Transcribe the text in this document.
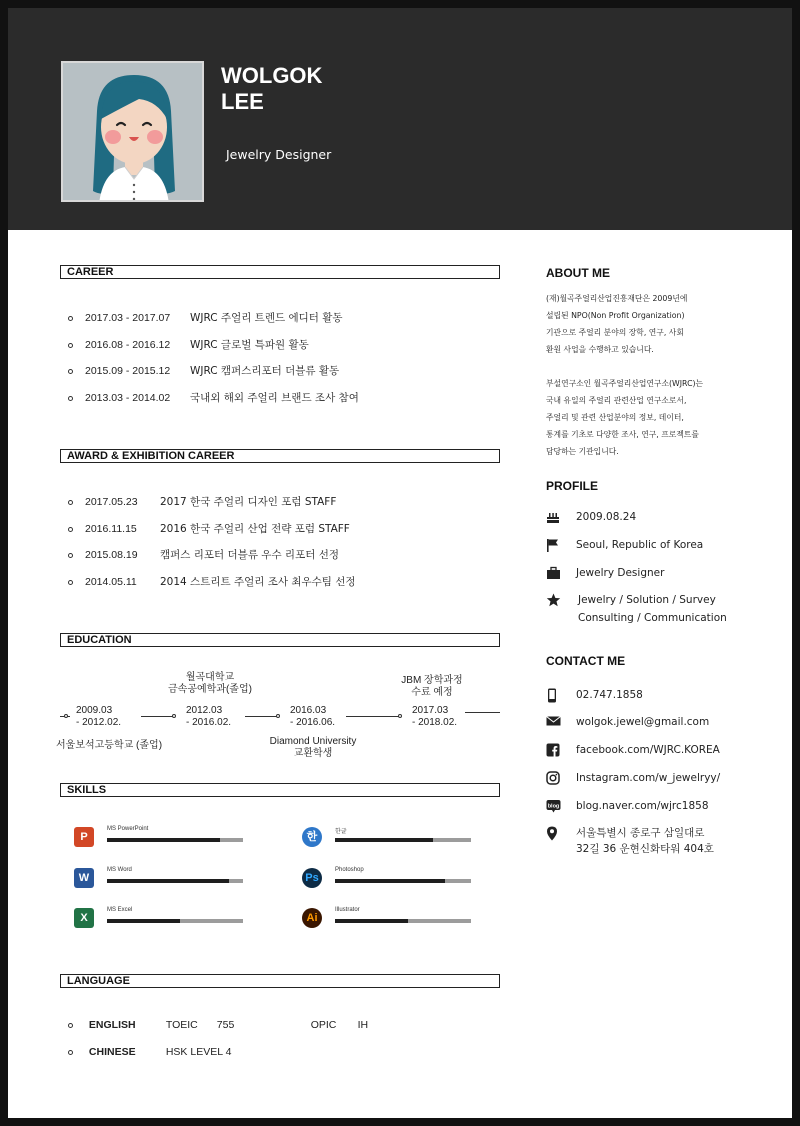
WOLGOK
LEE
Jewelry Designer
CAREER
2017.03 - 2017.07 WJRC 주얼리 트렌드 에디터 활동
2016.08 - 2016.12 WJRC 글로벌 특파원 활동
2015.09 - 2015.12 WJRC 캠퍼스리포터 더블류 활동
2013.03 - 2014.02 국내외 해외 주얼리 브랜드 조사 참여
AWARD & EXHIBITION CAREER
2017.05.23 2017 한국 주얼리 디자인 포럼 STAFF
2016.11.15 2016 한국 주얼리 산업 전략 포럼 STAFF
2015.08.19 캠퍼스 리포터 더블류 우수 리포터 선정
2014.05.11 2014 스트리트 주얼리 조사 최우수팀 선정
EDUCATION
2009.03
- 2012.02.
서울보석고등학교 (졸업)
월곡대학교
금속공예학과(졸업)
2012.03
- 2016.02.
2016.03
- 2016.06.
Diamond University
교환학생
JBM 장학과정
수료 예정
2017.03
- 2018.02.
SKILLS
P
MS PowerPoint
한	한글
W
MS Word
Ps
Photoshop
X
MS Excel
Ai
Illustrator
LANGUAGE
ENGLISH	TOEIC 755	OPIC IH
CHINESE	HSK LEVEL 4
ABOUT ME
(재)월곡주얼리산업진흥재단은 2009년에
설립된 NPO(Non Profit Organization)
기관으로 주얼리 분야의 장학, 연구, 사회
환원 사업을 수행하고 있습니다.
부설연구소인 월곡주얼리산업연구소(WJRC)는
국내 유일의 주얼리 관련산업 연구소로서,
주얼리 및 관련 산업분야의 정보, 데이터,
통계를 기초로 다양한 조사, 연구, 프로젝트를
담당하는 기관입니다.
PROFILE
2009.08.24
Seoul, Republic of Korea
Jewelry Designer
Jewelry / Solution / Survey
Consulting / Communication
CONTACT ME
02.747.1858
wolgok.jewel@gmail.com
facebook.com/WJRC.KOREA
Instagram.com/w_jewelryy/
blog blog.naver.com/wjrc1858
서울특별시 종로구 삼일대로
32길 36 운현신화타워 404호
